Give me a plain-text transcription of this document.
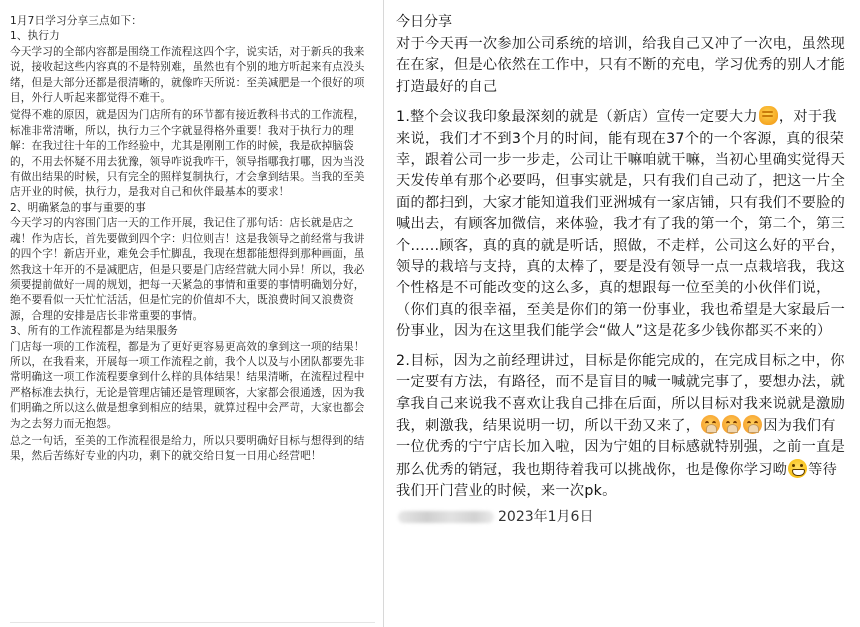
1月7日学习分享三点如下：

1、执行力

今天学习的全部内容都是围绕工作流程这四个字，说实话，对于新兵的我来说，接收起这些内容真的不是特别难，虽然也有个别的地方听起来有点没头绪，但是大部分还都是很清晰的，就像昨天所说：至美减肥是一个很好的项目，外行人听起来都觉得不难干。

觉得不难的原因，就是因为门店所有的环节都有接近教科书式的工作流程，标准非常清晰，所以，执行力三个字就显得格外重要！我对于执行力的理解：在我过往十年的工作经验中，尤其是刚刚工作的时候，我是砍掉脑袋的，不用去怀疑不用去犹豫，领导咋说我咋干，领导指哪我打哪，因为当没有做出结果的时候，只有完全的照样复制执行，才会拿到结果。当我的至美店开业的时候，执行力，是我对自己和伙伴最基本的要求！

2、明确紧急的事与重要的事

今天学习的内容围门店一天的工作开展，我记住了那句话：店长就是店之魂！作为店长，首先要做到四个字：归位则吉！这是我领导之前经常与我讲的四个字！新店开业，难免会手忙脚乱，我现在想都能想得到那种画面，虽然我这十年开的不是减肥店，但是只要是门店经营就大同小异！所以，我必须要提前做好一周的规划，把每一天紧急的事情和重要的事情明确划分好，绝不要看似一天忙忙活活，但是忙完的价值却不大，既浪费时间又浪费资源，合理的安排是店长非常重要的事情。

3、所有的工作流程都是为结果服务

门店每一项的工作流程，都是为了更好更容易更高效的拿到这一项的结果！所以，在我看来，开展每一项工作流程之前，我个人以及与小团队都要先非常明确这一项工作流程要拿到什么样的具体结果！结果清晰，在流程过程中严格标准去执行，无论是管理店铺还是管理顾客，大家都会很通透，因为我们明确之所以这么做是想拿到相应的结果，就算过程中会严苛，大家也都会为之去努力而无抱怨。

总之一句话，至美的工作流程很是给力，所以只要明确好目标与想得到的结果，然后苦练好专业的内功，剩下的就交给日复一日用心经营吧！

今日分享

对于今天再一次参加公司系统的培训，给我自己又冲了一次电，虽然现在在家，但是心依然在工作中，只有不断的充电，学习优秀的别人才能打造最好的自己

1.整个会议我印象最深刻的就是（新店）宣传一定要大力 ，对于我来说，我们才不到3个月的时间，能有现在37个的一个客源，真的很荣幸，跟着公司一步一步走，公司让干嘛咱就干嘛，当初心里确实觉得天天发传单有那个必要吗，但事实就是，只有我们自己动了，把这一片全面的都扫到，大家才能知道我们亚洲城有一家店铺，只有我们不要脸的喊出去，有顾客加微信，来体验，我才有了我的第一个，第二个，第三个......顾客，真的真的就是听话，照做，不走样，公司这么好的平台，领导的栽培与支持，真的太棒了，要是没有领导一点一点栽培我，我这个性格是不可能改变的这么多，真的想跟每一位至美的小伙伴们说，（你们真的很幸福，至美是你们的第一份事业，我也希望是大家最后一份事业，因为在这里我们能学会“做人”这是花多少钱你都买不来的）

2.目标，因为之前经理讲过，目标是你能完成的，在完成目标之中，你一定要有方法，有路径，而不是盲目的喊一喊就完事了，要想办法，就拿我自己来说我不喜欢让我自己排在后面，所以目标对我来说就是激励我，刺激我，结果说明一切，所以干劲又来了，	因为我们有一位优秀的宁宁店长加入啦，因为宁姐的目标感就特别强，之前一直是那么优秀的销冠，我也期待着我可以挑战你，也是像你学习呦 等待我们开门营业的时候，来一次pk。

2023年1月6日
